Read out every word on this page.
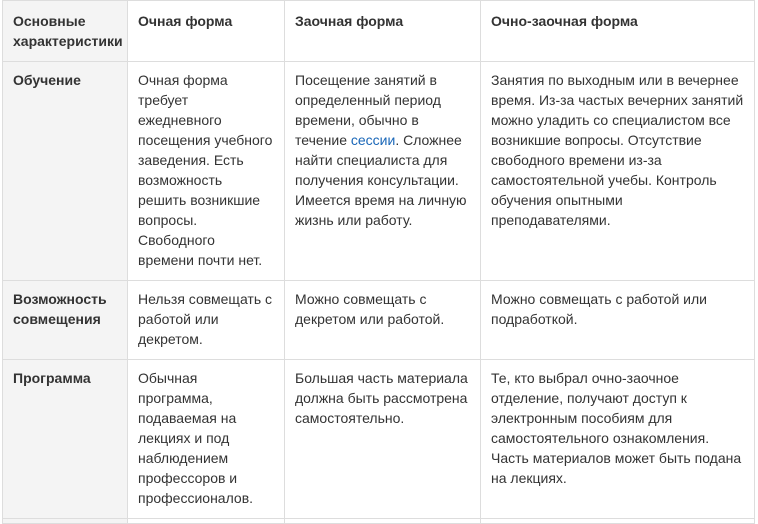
Основные характеристики	Очная форма	Заочная форма	Очно-заочная форма
Обучение	Очная форма требует ежедневного посещения учебного заведения. Есть возможность решить возникшие вопросы. Свободного времени почти нет.	Посещение занятий в определенный период времени, обычно в течение сессии. Сложнее найти специалиста для получения консультации. Имеется время на личную жизнь или работу.	Занятия по выходным или в вечернее время. Из-за частых вечерних занятий можно уладить со специалистом все возникшие вопросы. Отсутствие свободного времени из-за самостоятельной учебы. Контроль обучения опытными преподавателями.
Возможность совмещения	Нельзя совмещать с работой или декретом.	Можно совмещать с декретом или работой.	Можно совмещать с работой или подработкой.
Программа	Обычная программа, подаваемая на лекциях и под наблюдением профессоров и профессионалов.	Большая часть материала должна быть рассмотрена самостоятельно.	Те, кто выбрал очно-заочное отделение, получают доступ к электронным пособиям для самостоятельного ознакомления. Часть материалов может быть подана на лекциях.
